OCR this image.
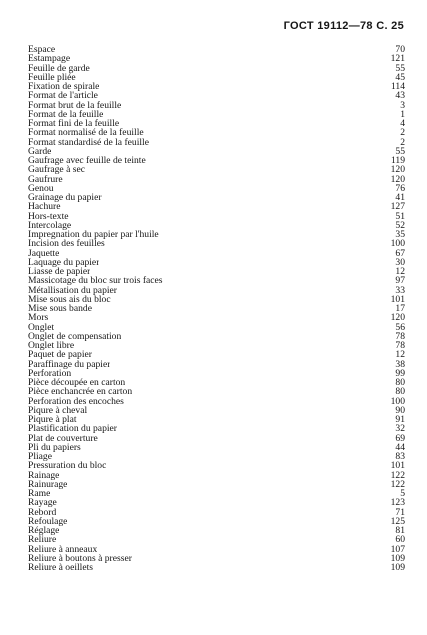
ГОСТ 19112—78 С. 25
Espace	70
Estampage	121
Feuille de garde	55
Feuille pliée	45
Fixation de spirale	114
Format de l'article	43
Format brut de la feuille	3
Format de la feuille	1
Format fini de la feuille	4
Format normalisé de la feuille	2
Format standardisé de la feuille	2
Garde	55
Gaufrage avec feuille de teinte	119
Gaufrage à sec	120
Gaufrure	120
Genou	76
Grainage du papier	41
Hachure	127
Hors-texte	51
Intercolage	52
Impregnation du papier par l'huile	35
Incision des feuilles	100
Jaquette	67
Laquage du papier	30
Liasse de papier	12
Massicotage du bloc sur trois faces	97
Métallisation du papier	33
Mise sous ais du bloc	101
Mise sous bande	17
Mors	120
Onglet	56
Onglet de compensation	78
Onglet libre	78
Paquet de papier	12
Paraffinage du papier	38
Perforation	99
Pièce découpée en carton	80
Pièce enchancrée en carton	80
Perforation des encoches	100
Piqure à cheval	90
Piqure à plat	91
Plastification du papier	32
Plat de couverture	69
Pli du papiers	44
Pliage	83
Pressuration du bloc	101
Rainage	122
Rainurage	122
Rame	5
Rayage	123
Rebord	71
Refoulage	125
Réglage	81
Reliure	60
Reliure à anneaux	107
Reliure à boutons à presser	109
Reliure à oeillets	109
